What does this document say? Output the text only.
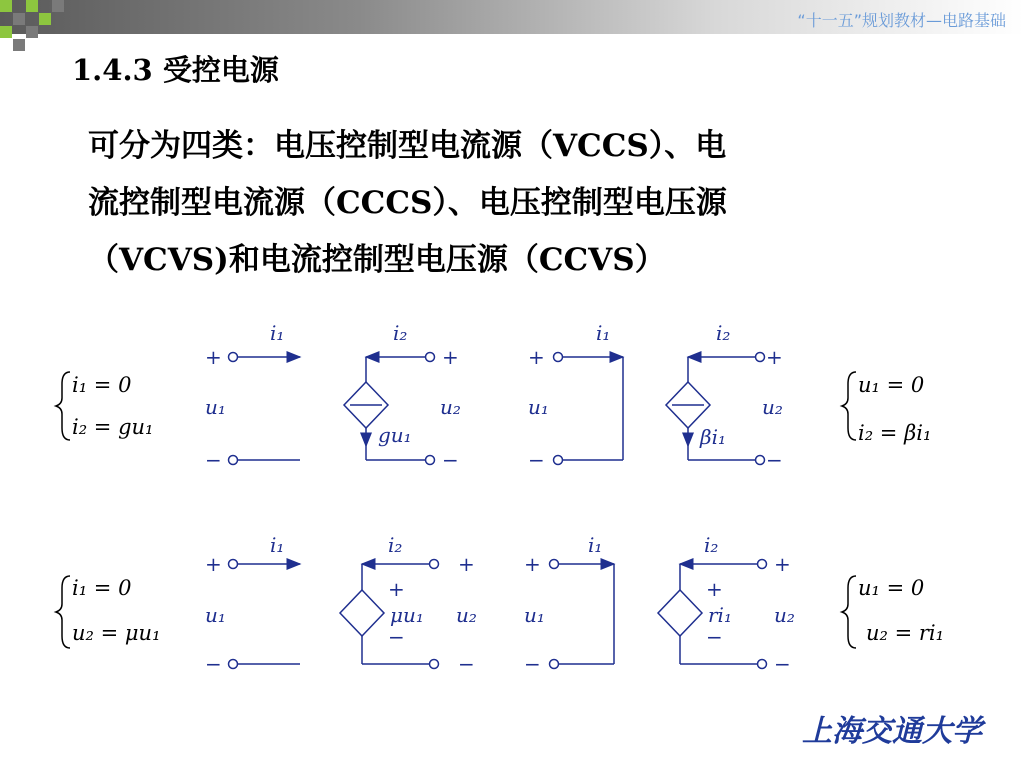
“十一五”规划教材—电路基础
1.4.3 受控电源
可分为四类：电压控制型电流源（VCCS）、电
流控制型电流源（CCCS）、电压控制型电压源
（VCVS)和电流控制型电压源（CCVS）
i₁ = 0
i₂ = gu₁
u₁ = 0
i₂ = βi₁
i₁ = 0
u₂ = μu₁
u₁ = 0
u₂ = ri₁
i₁	i₂
u₁	u₂
gu₁
+
−
+
−
i₁	i₂
u₁	u₂
βi₁
+
−
+
−
i₁	i₂
u₁	u₂
μu₁
+
−
+
−
+
−
i₁	i₂
u₁	u₂
ri₁
+
−
+
−
+
−
上海交通大学
